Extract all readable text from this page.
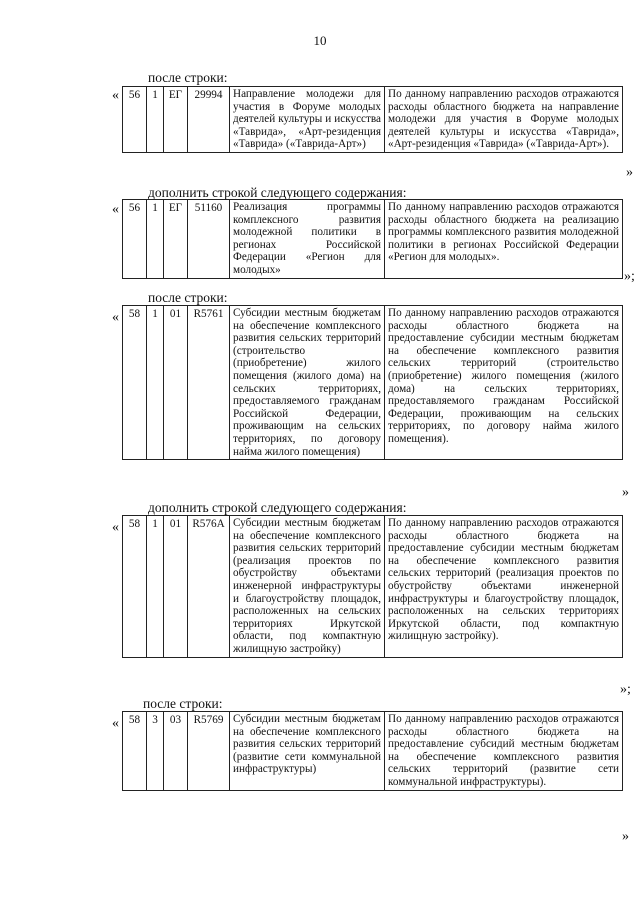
10
после строки:
« 56	1	ЕГ	29994	Направление молодежи для участия в Форуме молодых деятелей культуры и искусства «Таврида», «Арт-резиденция «Таврида» («Таврида-Арт»)	По данному направлению расходов отражаются расходы областного бюджета на направление молодежи для участия в Форуме молодых деятелей культуры и искусства «Таврида», «Арт-резиденция «Таврида» («Таврида-Арт»).
»
дополнить строкой следующего содержания:
« 56	1	ЕГ	51160	Реализация программы комплексного развития молодежной политики в регионах Российской Федерации «Регион для молодых»	По данному направлению расходов отражаются расходы областного бюджета на реализацию программы комплексного развития молодежной политики в регионах Российской Федерации «Регион для молодых».
»;
после строки:
« 58	1	01	R5761	Субсидии местным бюджетам на обеспечение комплексного развития сельских территорий (строительство (приобретение) жилого помещения (жилого дома) на сельских территориях, предоставляемого гражданам Российской Федерации, проживающим на сельских территориях, по договору найма жилого помещения)	По данному направлению расходов отражаются расходы областного бюджета на предоставление субсидии местным бюджетам на обеспечение комплексного развития сельских территорий (строительство (приобретение) жилого помещения (жилого дома) на сельских территориях, предоставляемого гражданам Российской Федерации, проживающим на сельских территориях, по договору найма жилого помещения).
»
дополнить строкой следующего содержания:
« 58	1	01	R576A	Субсидии местным бюджетам на обеспечение комплексного развития сельских территорий (реализация проектов по обустройству объектами инженерной инфраструктуры и благоустройству площадок, расположенных на сельских территориях Иркутской области, под компактную жилищную застройку)	По данному направлению расходов отражаются расходы областного бюджета на предоставление субсидии местным бюджетам на обеспечение комплексного развития сельских территорий (реализация проектов по обустройству объектами инженерной инфраструктуры и благоустройству площадок, расположенных на сельских территориях Иркутской области, под компактную жилищную застройку).
»;
после строки:
« 58	3	03	R5769	Субсидии местным бюджетам на обеспечение комплексного развития сельских территорий (развитие сети коммунальной инфраструктуры)	По данному направлению расходов отражаются расходы областного бюджета на предоставление субсидий местным бюджетам на обеспечение комплексного развития сельских территорий (развитие сети коммунальной инфраструктуры).
»
